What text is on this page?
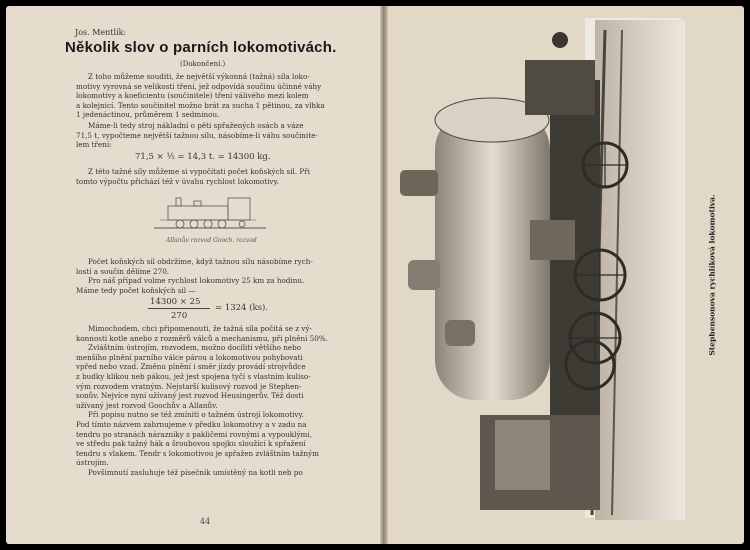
Jos. Mentlík:
Několik slov o parních lokomotivách.
(Dokončení.)
Z toho můžeme souditi, že největší výkonná (tažná) síla loko-
motivy vyrovná se velikosti tření, jež odpovídá součinu účinné váhy
lokomotivy a koeficientu (součinitele) tření válivého mezi kolem
a kolejnicí. Tento součinitel možno brát za sucha 1 pětinou, za vlhka
1 jedenáctinou, průměrem 1 sedminou.
Máme-li tedy stroj nákladní o pěti spřažených osách a váze
71,5 t, vypočteme největší tažnou sílu, násobíme-li váhu součinite-
lem tření:
71,5 × ⅕ = 14,3 t. = 14300 kg.
Z této tažné síly můžeme si vypočítati počet koňských sil. Při
tomto výpočtu přichází též v úvahu rychlost lokomotivy.
Allanův rozvod Gooch. rozvod
Počet koňských sil obdržíme, když tažnou sílu násobíme rych-
lostí a součin dělíme 270.
Pro náš případ volme rychlost lokomotivy 25 km za hodinu.
Máme tedy počet koňských sil —
14300 × 25
270
= 1324 (ks).
Mimochodem, chci připomenouti, že tažná síla počítá se z vý-
konnosti kotle anebo z rozměrů válců a mechanismu, při plnění 50%.
Zvláštním ústrojím, rozvodem, možno docíliti většího nebo
menšího plnění parního válce párou a lokomotivou pohybovati
vpřed nebo vzad. Změnu plnění i směr jízdy provádí strojvůdce
z budky klikou neb pákou, jež jest spojena tyčí s vlastním kuliso-
vým rozvodem vratným. Nejstarší kulisový rozvod je Stephen-
sonův. Nejvíce nyní užívaný jest rozvod Heusingerův. Též dosti
užívaný jest rozvod Goochův a Allanův.
Při popisu nutno se též zmíniti o tažném ústrojí lokomotivy.
Pod tímto názvem zahrnujeme v předku lokomotivy a v zadu na
tendru po stranách nárazníky s pakličemi rovnými a vypouklými,
ve středu pak tažný hák a šroubovou spojku sloužící k spřažení
tendru s vlakem. Tendr s lokomotivou je spřažen zvláštním tažným
ústrojím.
Povšimnutí zasluhuje též písečník umístěný na kotli neb po
44
Stephensonova rychlíková lokomotiva.
